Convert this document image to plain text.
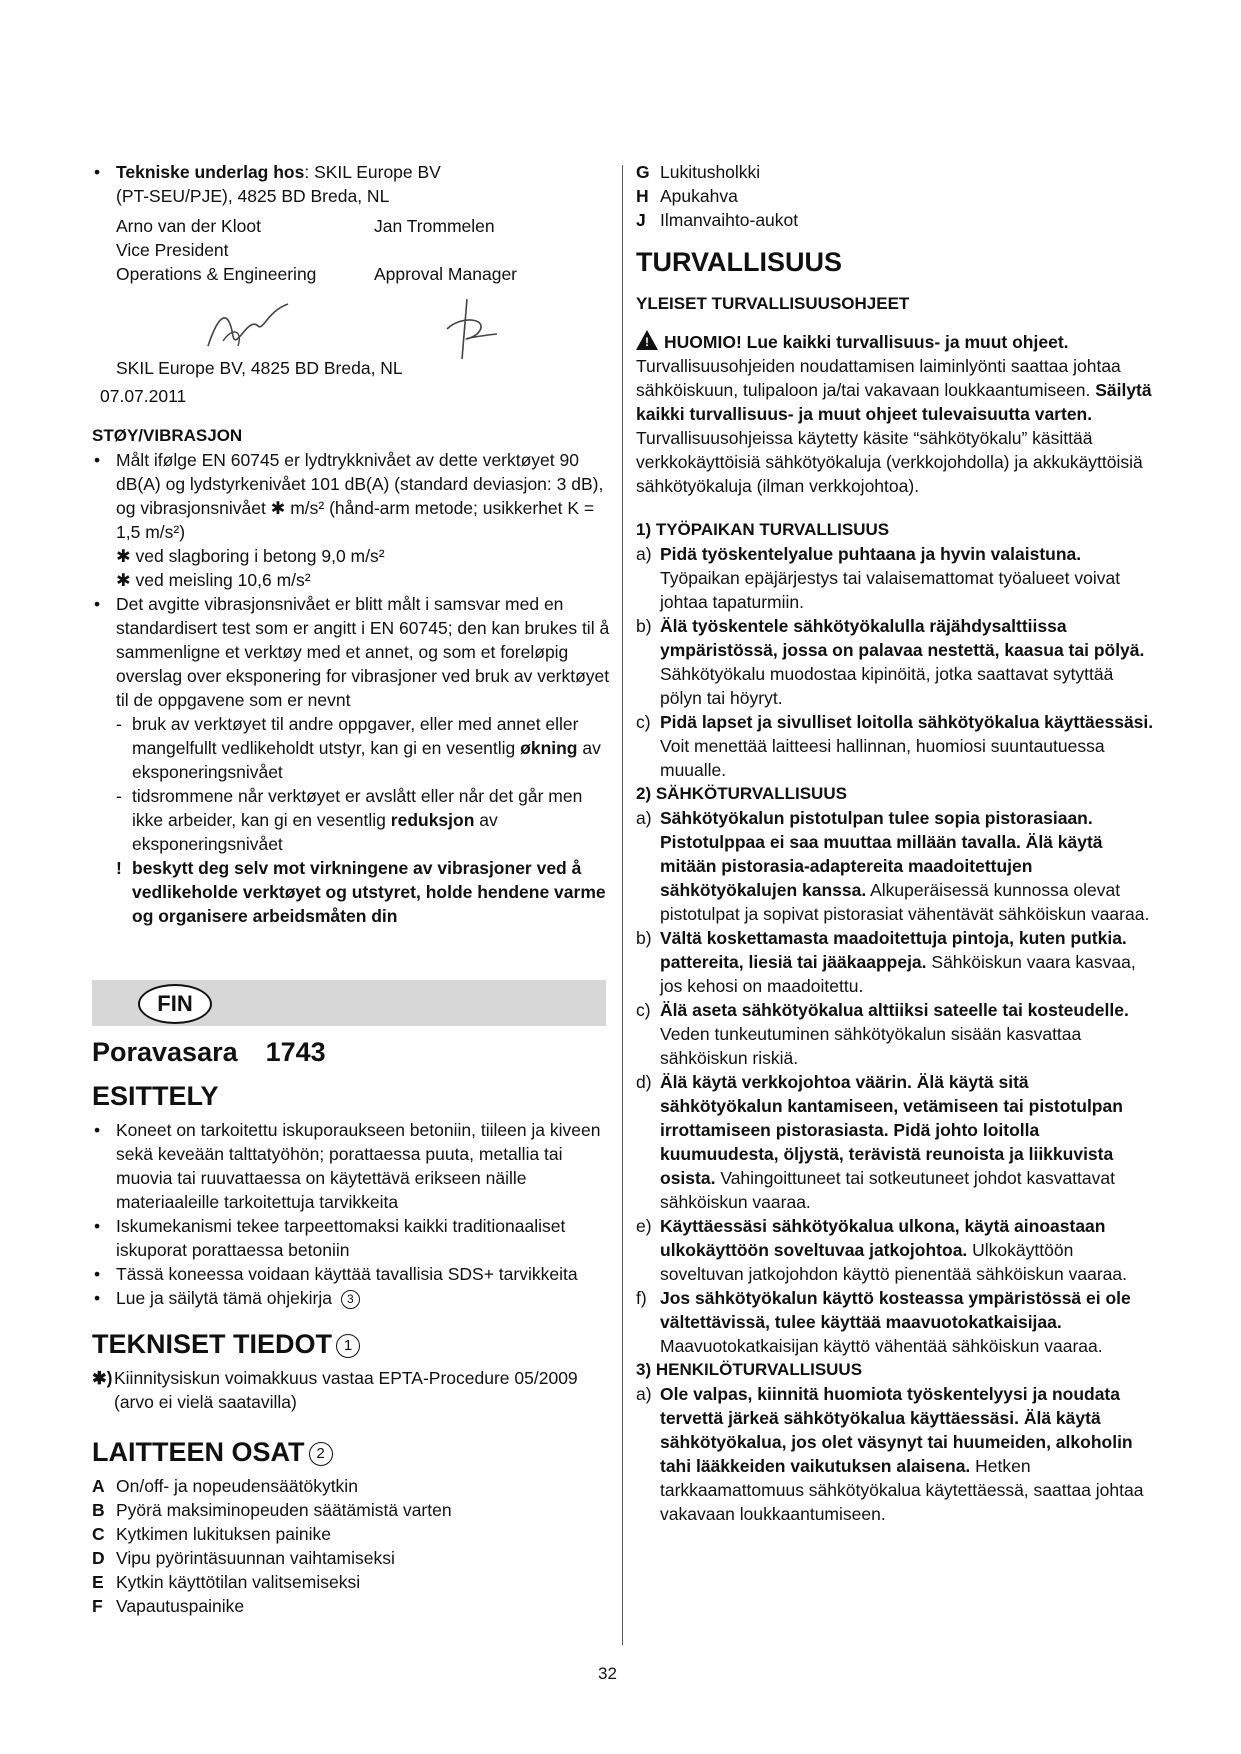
• Tekniske underlag hos: SKIL Europe BV
(PT-SEU/PJE), 4825 BD Breda, NL
Arno van der Kloot
Vice President
Operations & Engineering
Jan Trommelen
Approval Manager
SKIL Europe BV, 4825 BD Breda, NL
07.07.2011
STØY/VIBRASJON
• Målt ifølge EN 60745 er lydtrykknivået av dette verktøyet 90 dB(A) og lydstyrkenivået 101 dB(A) (standard deviasjon: 3 dB), og vibrasjonsnivået ✱ m/s² (hånd-arm metode; usikkerhet K = 1,5 m/s²)
✱ ved slagboring i betong 9,0 m/s²
✱ ved meisling 10,6 m/s²
• Det avgitte vibrasjonsnivået er blitt målt i samsvar med en standardisert test som er angitt i EN 60745; den kan brukes til å sammenligne et verktøy med et annet, og som et foreløpig overslag over eksponering for vibrasjoner ved bruk av verktøyet til de oppgavene som er nevnt
- bruk av verktøyet til andre oppgaver, eller med annet eller mangelfullt vedlikeholdt utstyr, kan gi en vesentlig økning av eksponeringsnivået
- tidsrommene når verktøyet er avslått eller når det går men ikke arbeider, kan gi en vesentlig reduksjon av eksponeringsnivået
! beskytt deg selv mot virkningene av vibrasjoner ved å vedlikeholde verktøyet og utstyret, holde hendene varme og organisere arbeidsmåten din
FIN
Poravasara 1743
ESITTELY
• Koneet on tarkoitettu iskuporaukseen betoniin, tiileen ja kiveen sekä keveään talttatyöhön; porattaessa puuta, metallia tai muovia tai ruuvattaessa on käytettävä erikseen näille materiaaleille tarkoitettuja tarvikkeita
• Iskumekanismi tekee tarpeettomaksi kaikki traditionaaliset iskuporat porattaessa betoniin
• Tässä koneessa voidaan käyttää tavallisia SDS+ tarvikkeita
• Lue ja säilytä tämä ohjekirja 3
TEKNISET TIEDOT 1
✱) Kiinnitysiskun voimakkuus vastaa EPTA-Procedure 05/2009 (arvo ei vielä saatavilla)
LAITTEEN OSAT 2
A On/off- ja nopeudensäätökytkin
B Pyörä maksiminopeuden säätämistä varten
C Kytkimen lukituksen painike
D Vipu pyörintäsuunnan vaihtamiseksi
E Kytkin käyttötilan valitsemiseksi
F Vapautuspainike
G Lukitusholkki
H Apukahva
J Ilmanvaihto-aukot
TURVALLISUUS
YLEISET TURVALLISUUSOHJEET
! HUOMIO! Lue kaikki turvallisuus- ja muut ohjeet. Turvallisuusohjeiden noudattamisen laiminlyönti saattaa johtaa sähköiskuun, tulipaloon ja/tai vakavaan loukkaantumiseen. Säilytä kaikki turvallisuus- ja muut ohjeet tulevaisuutta varten. Turvallisuusohjeissa käytetty käsite “sähkötyökalu” käsittää verkkokäyttöisiä sähkötyökaluja (verkkojohdolla) ja akkukäyttöisiä sähkötyökaluja (ilman verkkojohtoa).
1) TYÖPAIKAN TURVALLISUUS
a) Pidä työskentelyalue puhtaana ja hyvin valaistuna. Työpaikan epäjärjestys tai valaisemattomat työalueet voivat johtaa tapaturmiin.
b) Älä työskentele sähkötyökalulla räjähdysalttiissa ympäristössä, jossa on palavaa nestettä, kaasua tai pölyä. Sähkötyökalu muodostaa kipinöitä, jotka saattavat sytyttää pölyn tai höyryt.
c) Pidä lapset ja sivulliset loitolla sähkötyökalua käyttäessäsi. Voit menettää laitteesi hallinnan, huomiosi suuntautuessa muualle.
2) SÄHKÖTURVALLISUUS
a) Sähkötyökalun pistotulpan tulee sopia pistorasiaan. Pistotulppaa ei saa muuttaa millään tavalla. Älä käytä mitään pistorasia-adaptereita maadoitettujen sähkötyökalujen kanssa. Alkuperäisessä kunnossa olevat pistotulpat ja sopivat pistorasiat vähentävät sähköiskun vaaraa.
b) Vältä koskettamasta maadoitettuja pintoja, kuten putkia. pattereita, liesiä tai jääkaappeja. Sähköiskun vaara kasvaa, jos kehosi on maadoitettu.
c) Älä aseta sähkötyökalua alttiiksi sateelle tai kosteudelle. Veden tunkeutuminen sähkötyökalun sisään kasvattaa sähköiskun riskiä.
d) Älä käytä verkkojohtoa väärin. Älä käytä sitä sähkötyökalun kantamiseen, vetämiseen tai pistotulpan irrottamiseen pistorasiasta. Pidä johto loitolla kuumuudesta, öljystä, terävistä reunoista ja liikkuvista osista. Vahingoittuneet tai sotkeutuneet johdot kasvattavat sähköiskun vaaraa.
e) Käyttäessäsi sähkötyökalua ulkona, käytä ainoastaan ulkokäyttöön soveltuvaa jatkojohtoa. Ulkokäyttöön soveltuvan jatkojohdon käyttö pienentää sähköiskun vaaraa.
f) Jos sähkötyökalun käyttö kosteassa ympäristössä ei ole vältettävissä, tulee käyttää maavuotokatkaisijaa. Maavuotokatkaisijan käyttö vähentää sähköiskun vaaraa.
3) HENKILÖTURVALLISUUS
a) Ole valpas, kiinnitä huomiota työskentelyysi ja noudata tervettä järkeä sähkötyökalua käyttäessäsi. Älä käytä sähkötyökalua, jos olet väsynyt tai huumeiden, alkoholin tahi lääkkeiden vaikutuksen alaisena. Hetken tarkkaamattomuus sähkötyökalua käytettäessä, saattaa johtaa vakavaan loukkaantumiseen.
32
